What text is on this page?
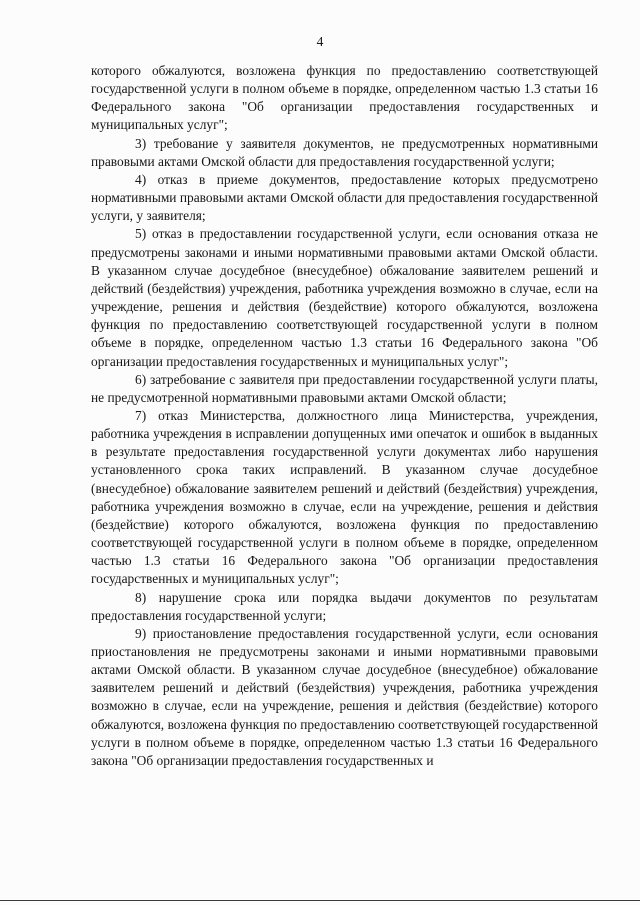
4

которого обжалуются, возложена функция по предоставлению соответствующей государственной услуги в полном объеме в порядке, определенном частью 1.3 статьи 16 Федерального закона "Об организации предоставления государственных и муниципальных услуг";

3) требование у заявителя документов, не предусмотренных нормативными правовыми актами Омской области для предоставления государственной услуги;

4) отказ в приеме документов, предоставление которых предусмотрено нормативными правовыми актами Омской области для предоставления государственной услуги, у заявителя;

5) отказ в предоставлении государственной услуги, если основания отказа не предусмотрены законами и иными нормативными правовыми актами Омской области. В указанном случае досудебное (внесудебное) обжалование заявителем решений и действий (бездействия) учреждения, работника учреждения возможно в случае, если на учреждение, решения и действия (бездействие) которого обжалуются, возложена функция по предоставлению соответствующей государственной услуги в полном объеме в порядке, определенном частью 1.3 статьи 16 Федерального закона "Об организации предоставления государственных и муниципальных услуг";

6) затребование с заявителя при предоставлении государственной услуги платы, не предусмотренной нормативными правовыми актами Омской области;

7) отказ Министерства, должностного лица Министерства, учреждения, работника учреждения в исправлении допущенных ими опечаток и ошибок в выданных в результате предоставления государственной услуги документах либо нарушения установленного срока таких исправлений. В указанном случае досудебное (внесудебное) обжалование заявителем решений и действий (бездействия) учреждения, работника учреждения возможно в случае, если на учреждение, решения и действия (бездействие) которого обжалуются, возложена функция по предоставлению соответствующей государственной услуги в полном объеме в порядке, определенном частью 1.3 статьи 16 Федерального закона "Об организации предоставления государственных и муниципальных услуг";

8) нарушение срока или порядка выдачи документов по результатам предоставления государственной услуги;

9) приостановление предоставления государственной услуги, если основания приостановления не предусмотрены законами и иными нормативными правовыми актами Омской области. В указанном случае досудебное (внесудебное) обжалование заявителем решений и действий (бездействия) учреждения, работника учреждения возможно в случае, если на учреждение, решения и действия (бездействие) которого обжалуются, возложена функция по предоставлению соответствующей государственной услуги в полном объеме в порядке, определенном частью 1.3 статьи 16 Федерального закона "Об организации предоставления государственных и
